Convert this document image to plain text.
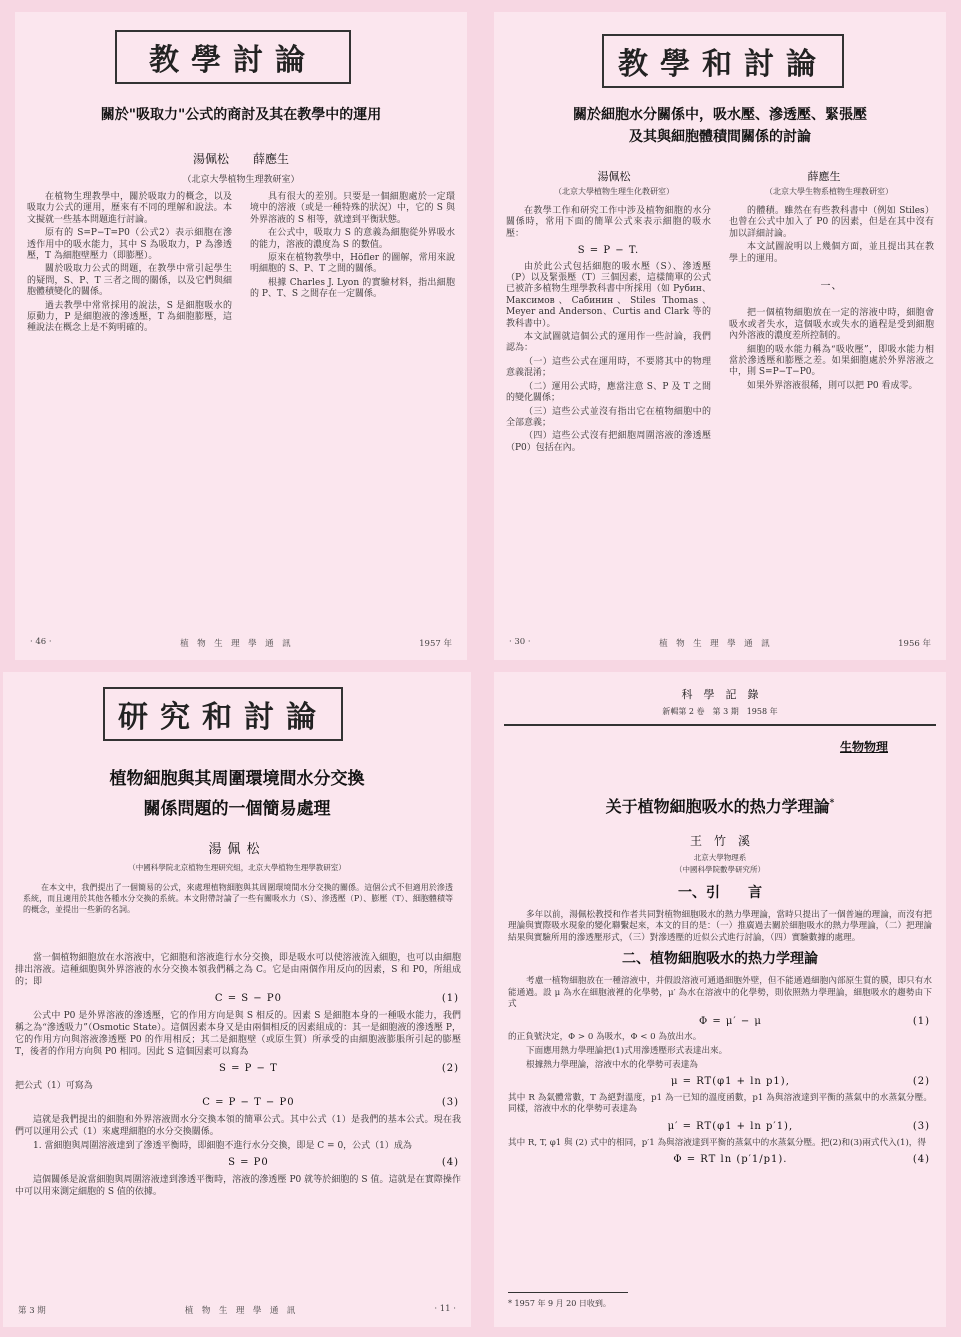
教學討論
關於"吸取力"公式的商討及其在教學中的運用
湯佩松　　薛應生
（北京大學植物生理教研室）

在植物生理教學中，關於吸取力的概念，以及吸取力公式的運用，歷來有不同的理解和說法。本文擬就一些基本問題進行討論。

原有的 S=P−T=P0（公式2）表示細胞在滲透作用中的吸水能力，其中 S 為吸取力，P 為滲透壓，T 為細胞壁壓力（即膨壓）。

關於吸取力公式的問題，在教學中常引起學生的疑問，S、P、T 三者之間的關係，以及它們與細胞體積變化的關係。

過去教學中常常採用的說法，S 是細胞吸水的原動力，P 是細胞液的滲透壓，T 為細胞膨壓，這種說法在概念上是不夠明確的。

具有很大的差別。只要是一個細胞處於一定環境中的溶液（或是一種特殊的狀況）中，它的 S 與外界溶液的 S 相等，就達到平衡狀態。

在公式中，吸取力 S 的意義為細胞從外界吸水的能力，溶液的濃度為 S 的數值。

原來在植物教學中，Höfler 的圖解，常用來說明細胞的 S、P、T 之間的關係。

根據 Charles J. Lyon 的實驗材料，指出細胞的 P、T、S 之間存在一定關係。

· 46 ·	植　物　生　理　學　通　訊	1957 年
教學和討論
關於細胞水分關係中，吸水壓、滲透壓、緊張壓
及其與細胞體積間關係的討論
湯佩松	薛應生
（北京大學植物生理生化教研室）	（北京大學生物系植物生理教研室）

在教學工作和研究工作中涉及植物細胞的水分關係時，常用下面的簡單公式來表示細胞的吸水壓：

S = P − T.

由於此公式包括細胞的吸水壓（S）、滲透壓（P）以及緊張壓（T）三個因素，這樣簡單的公式已被許多植物生理學教科書中所採用（如 Рубин、Максимов、Сабинин、Stiles Thomas、Meyer and Anderson、Curtis and Clark 等的教科書中）。

本文試圖就這個公式的運用作一些討論，我們認為：

（一）這些公式在運用時，不要將其中的物理意義混淆；

（二）運用公式時，應當注意 S、P 及 T 之間的變化關係；

（三）這些公式並沒有指出它在植物細胞中的全部意義；

（四）這些公式沒有把細胞周圍溶液的滲透壓（P0）包括在內。

的體積。雖然在有些教科書中（例如 Stiles）也曾在公式中加入了 P0 的因素，但是在其中沒有加以詳細討論。

本文試圖說明以上幾個方面，並且提出其在教學上的運用。

一、

把一個植物細胞放在一定的溶液中時，細胞會吸水或者失水，這個吸水或失水的過程是受到細胞內外溶液的濃度差所控制的。

細胞的吸水能力稱為“吸收壓”，即吸水能力相當於滲透壓和膨壓之差。如果細胞處於外界溶液之中，則 S=P−T−P0。

如果外界溶液很稀，則可以把 P0 看成零。

· 30 ·	植　物　生　理　學　通　訊	1956 年
研究和討論
植物細胞與其周圍環境間水分交換
關係問題的一個簡易處理
湯佩松
（中國科學院北京植物生理研究組，北京大學植物生理學教研室）

在本文中，我們提出了一個簡易的公式，來處理植物細胞與其周圍環境間水分交換的關係。這個公式不但適用於滲透系統，而且適用於其他各種水分交換的系統。本文附帶討論了一些有關吸水力（S）、滲透壓（P）、膨壓（T）、細胞體積等的概念，並提出一些新的名詞。

當一個植物細胞放在水溶液中，它細胞和溶液進行水分交換，即是吸水可以使溶液流入細胞，也可以由細胞排出溶液。這種細胞與外界溶液的水分交換本領我們稱之為 C。它是由兩個作用反向的因素，S 和 P0，所組成的；即

C = S − P0	(1)

公式中 P0 是外界溶液的滲透壓，它的作用方向是與 S 相反的。因素 S 是細胞本身的一種吸水能力，我們稱之為“滲透吸力”（Osmotic State）。這個因素本身又是由兩個相反的因素組成的：其一是細胞液的滲透壓 P，它的作用方向與溶液滲透壓 P0 的作用相反；其二是細胞壁（或原生質）所承受的由細胞液膨脹所引起的膨壓 T，後者的作用方向與 P0 相同。因此 S 這個因素可以寫為

S = P − T	(2)

把公式（1）可寫為

C = P − T − P0	(3)

這就是我們提出的細胞和外界溶液間水分交換本領的簡單公式。其中公式（1）是我們的基本公式。現在我們可以運用公式（1）來處理細胞的水分交換關係。

1. 當細胞與周圍溶液達到了滲透平衡時，即細胞不進行水分交換，即是 C = 0，公式（1）成為

S = P0	(4)

這個關係是說當細胞與周圍溶液達到滲透平衡時，溶液的滲透壓 P0 就等於細胞的 S 值。這就是在實際操作中可以用來測定細胞的 S 值的依據。

第 3 期	植　物　生　理　學　通　訊	· 11 ·
科　學　記　錄
新輯第 2 卷　第 3 期　1958 年
生物物理
关于植物細胞吸水的热力学理論*
王　竹　溪
北京大學物理系
（中國科學院數學研究所）
一、引　　言

多年以前，湯佩松教授和作者共同對植物細胞吸水的熱力學理論，當時只提出了一個普遍的理論，而沒有把理論與實際吸水現象的變化聯繫起來，本文的目的是：（一）推廣過去關於細胞吸水的熱力學理論，（二）把理論結果與實驗所用的滲透壓形式，（三）對滲透壓的近似公式進行討論，（四）實驗數據的處理。

二、植物細胞吸水的热力学理論

考慮一植物細胞放在一種溶液中，并假設溶液可通過細胞外壁，但不能通過細胞內部原生質的膜，即只有水能通過。設 μ 為水在細胞液裡的化學勢，μ′ 為水在溶液中的化學勢，則依照熱力學理論，細胞吸水的趨勢由下式

Φ = μ′ − μ	(1)

的正負號決定，Φ > 0 為吸水，Φ < 0 為放出水。

下面應用熱力學理論把(1)式用滲透壓形式表達出來。

根據熱力學理論，溶液中水的化學勢可表達為

μ = RT(φ1 + ln p1),	(2)

其中 R 為氣體常數，T 為絕對溫度，p1 為一已知的溫度函數，p1 為與溶液達到平衡的蒸氣中的水蒸氣分壓。同樣，溶液中水的化學勢可表達為

μ′ = RT(φ1 + ln p′1),	(3)

其中 R, T, φ1 與 (2) 式中的相同，p′1 為與溶液達到平衡的蒸氣中的水蒸氣分壓。把(2)和(3)兩式代入(1)，得

Φ = RT ln (p′1/p1).	(4)
* 1957 年 9 月 20 日收到。
